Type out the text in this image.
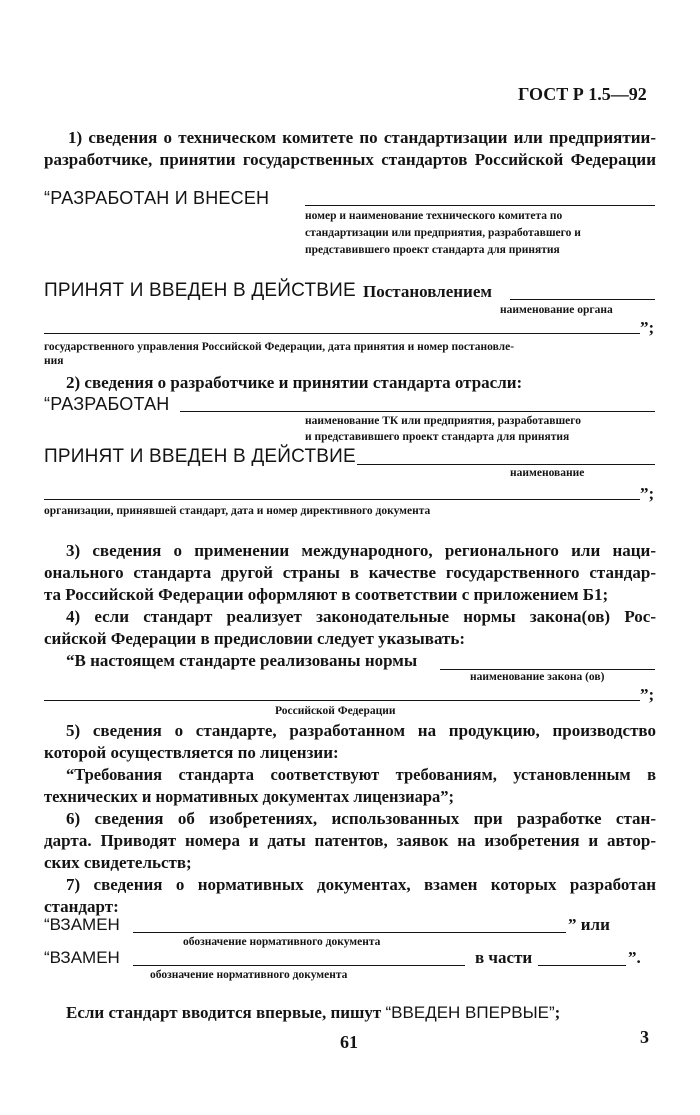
ГОСТ Р 1.5—92
1) сведения о техническом комитете по стандартизации или предприятии-
разработчике, принятии государственных стандартов Российской Федерации
“РАЗРАБОТАН И ВНЕСЕН
номер и наименование технического комитета по
стандартизации или предприятия, разработавшего и
представившего проект стандарта для принятия
ПРИНЯТ И ВВЕДЕН В ДЕЙСТВИЕ Постановлением
наименование органа
”;
государственного управления Российской Федерации, дата принятия и номер постановле-
ния
2) сведения о разработчике и принятии стандарта отрасли:
“РАЗРАБОТАН
наименование ТК или предприятия, разработавшего
и представившего проект стандарта для принятия
ПРИНЯТ И ВВЕДЕН В ДЕЙСТВИЕ
наименование
”;
организации, принявшей стандарт, дата и номер директивного документа
3) сведения о применении международного, регионального или наци-
онального стандарта другой страны в качестве государственного стандар-
та Российской Федерации оформляют в соответствии с приложением Б1;
4) если стандарт реализует законодательные нормы закона(ов) Рос-
сийской Федерации в предисловии следует указывать:
“В настоящем стандарте реализованы нормы
наименование закона (ов)
”;
Российской Федерации
5) сведения о стандарте, разработанном на продукцию, производство
которой осуществляется по лицензии:
“Требования стандарта соответствуют требованиям, установленным в
технических и нормативных документах лицензиара”;
6) сведения об изобретениях, использованных при разработке стан-
дарта. Приводят номера и даты патентов, заявок на изобретения и автор-
ских свидетельств;
7) сведения о нормативных документах, взамен которых разработан
стандарт:
“ВЗАМЕН	” или
обозначение нормативного документа
“ВЗАМЕН	в части	”.
обозначение нормативного документа
Если стандарт вводится впервые, пишут “ВВЕДЕН ВПЕРВЫЕ”;
61	3
